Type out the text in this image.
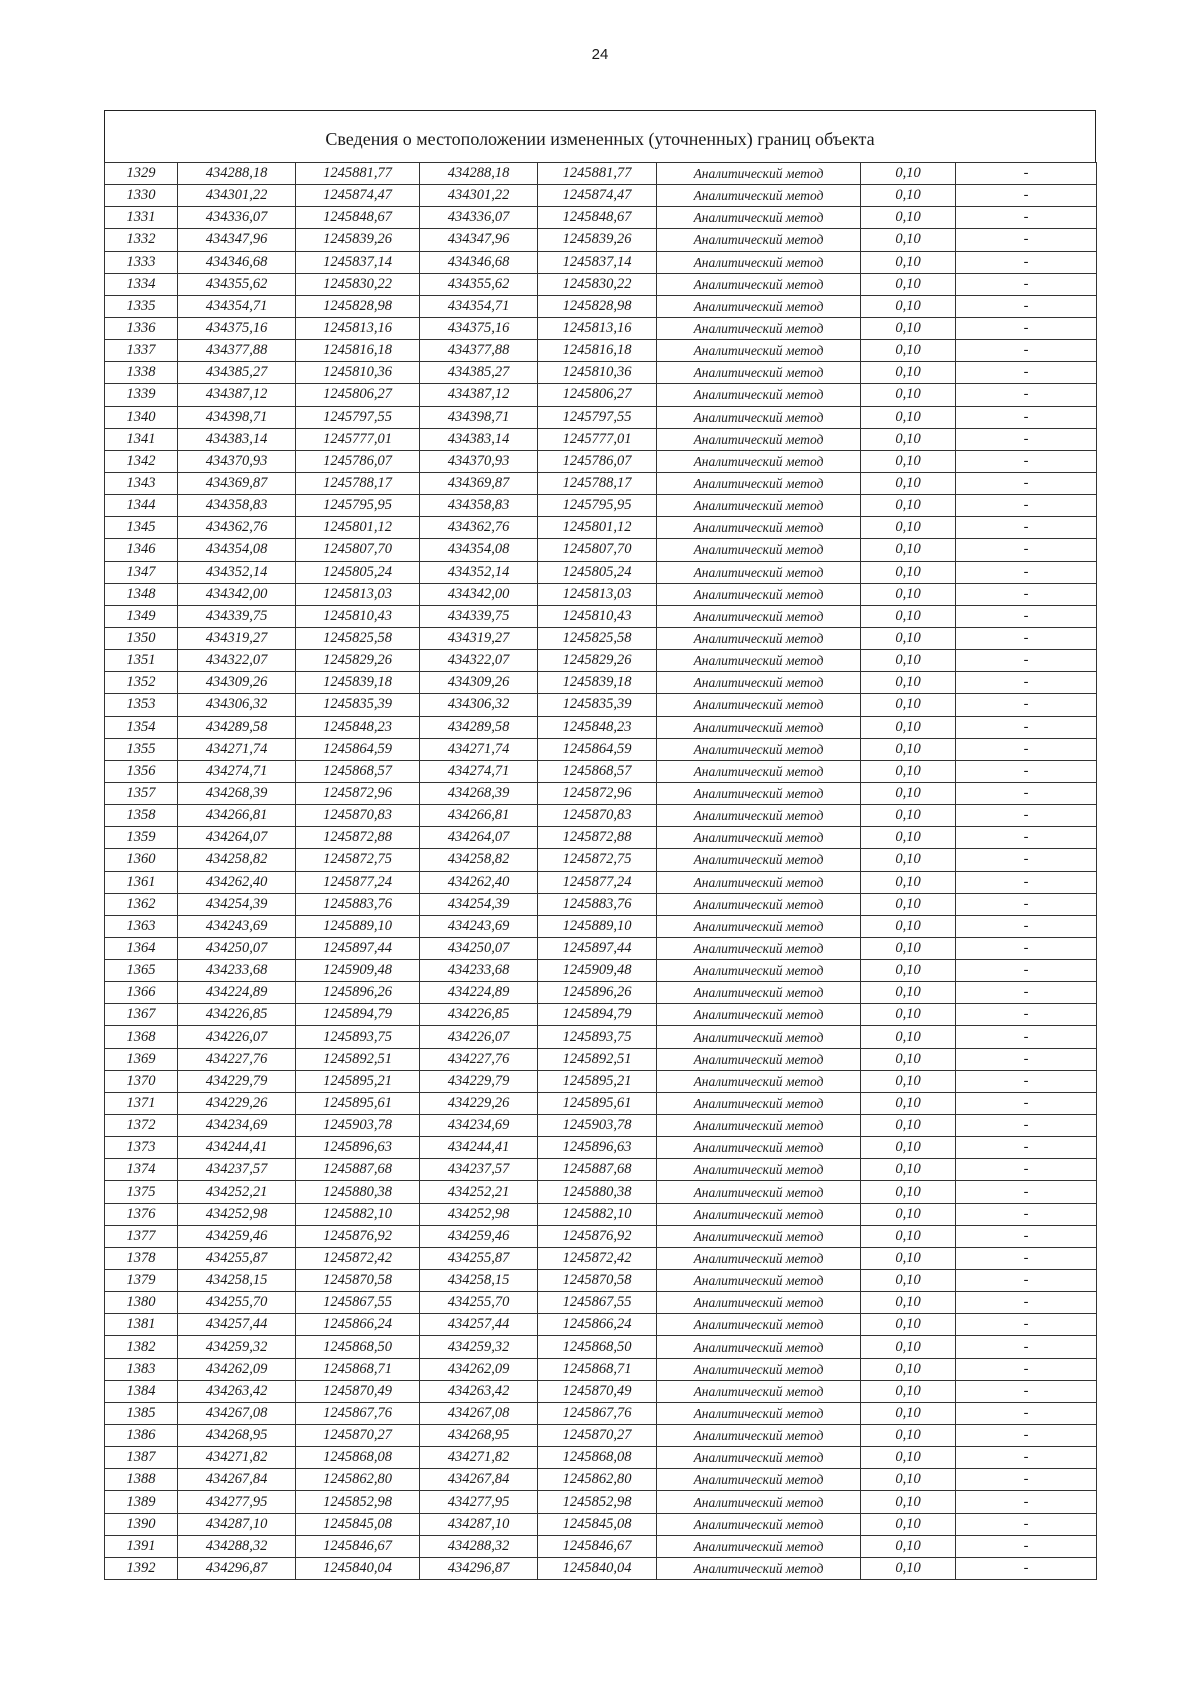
24
Сведения о местоположении измененных (уточненных) границ объекта
1329	434288,18	1245881,77	434288,18	1245881,77	Аналитический метод	0,10	-
1330	434301,22	1245874,47	434301,22	1245874,47	Аналитический метод	0,10	-
1331	434336,07	1245848,67	434336,07	1245848,67	Аналитический метод	0,10	-
1332	434347,96	1245839,26	434347,96	1245839,26	Аналитический метод	0,10	-
1333	434346,68	1245837,14	434346,68	1245837,14	Аналитический метод	0,10	-
1334	434355,62	1245830,22	434355,62	1245830,22	Аналитический метод	0,10	-
1335	434354,71	1245828,98	434354,71	1245828,98	Аналитический метод	0,10	-
1336	434375,16	1245813,16	434375,16	1245813,16	Аналитический метод	0,10	-
1337	434377,88	1245816,18	434377,88	1245816,18	Аналитический метод	0,10	-
1338	434385,27	1245810,36	434385,27	1245810,36	Аналитический метод	0,10	-
1339	434387,12	1245806,27	434387,12	1245806,27	Аналитический метод	0,10	-
1340	434398,71	1245797,55	434398,71	1245797,55	Аналитический метод	0,10	-
1341	434383,14	1245777,01	434383,14	1245777,01	Аналитический метод	0,10	-
1342	434370,93	1245786,07	434370,93	1245786,07	Аналитический метод	0,10	-
1343	434369,87	1245788,17	434369,87	1245788,17	Аналитический метод	0,10	-
1344	434358,83	1245795,95	434358,83	1245795,95	Аналитический метод	0,10	-
1345	434362,76	1245801,12	434362,76	1245801,12	Аналитический метод	0,10	-
1346	434354,08	1245807,70	434354,08	1245807,70	Аналитический метод	0,10	-
1347	434352,14	1245805,24	434352,14	1245805,24	Аналитический метод	0,10	-
1348	434342,00	1245813,03	434342,00	1245813,03	Аналитический метод	0,10	-
1349	434339,75	1245810,43	434339,75	1245810,43	Аналитический метод	0,10	-
1350	434319,27	1245825,58	434319,27	1245825,58	Аналитический метод	0,10	-
1351	434322,07	1245829,26	434322,07	1245829,26	Аналитический метод	0,10	-
1352	434309,26	1245839,18	434309,26	1245839,18	Аналитический метод	0,10	-
1353	434306,32	1245835,39	434306,32	1245835,39	Аналитический метод	0,10	-
1354	434289,58	1245848,23	434289,58	1245848,23	Аналитический метод	0,10	-
1355	434271,74	1245864,59	434271,74	1245864,59	Аналитический метод	0,10	-
1356	434274,71	1245868,57	434274,71	1245868,57	Аналитический метод	0,10	-
1357	434268,39	1245872,96	434268,39	1245872,96	Аналитический метод	0,10	-
1358	434266,81	1245870,83	434266,81	1245870,83	Аналитический метод	0,10	-
1359	434264,07	1245872,88	434264,07	1245872,88	Аналитический метод	0,10	-
1360	434258,82	1245872,75	434258,82	1245872,75	Аналитический метод	0,10	-
1361	434262,40	1245877,24	434262,40	1245877,24	Аналитический метод	0,10	-
1362	434254,39	1245883,76	434254,39	1245883,76	Аналитический метод	0,10	-
1363	434243,69	1245889,10	434243,69	1245889,10	Аналитический метод	0,10	-
1364	434250,07	1245897,44	434250,07	1245897,44	Аналитический метод	0,10	-
1365	434233,68	1245909,48	434233,68	1245909,48	Аналитический метод	0,10	-
1366	434224,89	1245896,26	434224,89	1245896,26	Аналитический метод	0,10	-
1367	434226,85	1245894,79	434226,85	1245894,79	Аналитический метод	0,10	-
1368	434226,07	1245893,75	434226,07	1245893,75	Аналитический метод	0,10	-
1369	434227,76	1245892,51	434227,76	1245892,51	Аналитический метод	0,10	-
1370	434229,79	1245895,21	434229,79	1245895,21	Аналитический метод	0,10	-
1371	434229,26	1245895,61	434229,26	1245895,61	Аналитический метод	0,10	-
1372	434234,69	1245903,78	434234,69	1245903,78	Аналитический метод	0,10	-
1373	434244,41	1245896,63	434244,41	1245896,63	Аналитический метод	0,10	-
1374	434237,57	1245887,68	434237,57	1245887,68	Аналитический метод	0,10	-
1375	434252,21	1245880,38	434252,21	1245880,38	Аналитический метод	0,10	-
1376	434252,98	1245882,10	434252,98	1245882,10	Аналитический метод	0,10	-
1377	434259,46	1245876,92	434259,46	1245876,92	Аналитический метод	0,10	-
1378	434255,87	1245872,42	434255,87	1245872,42	Аналитический метод	0,10	-
1379	434258,15	1245870,58	434258,15	1245870,58	Аналитический метод	0,10	-
1380	434255,70	1245867,55	434255,70	1245867,55	Аналитический метод	0,10	-
1381	434257,44	1245866,24	434257,44	1245866,24	Аналитический метод	0,10	-
1382	434259,32	1245868,50	434259,32	1245868,50	Аналитический метод	0,10	-
1383	434262,09	1245868,71	434262,09	1245868,71	Аналитический метод	0,10	-
1384	434263,42	1245870,49	434263,42	1245870,49	Аналитический метод	0,10	-
1385	434267,08	1245867,76	434267,08	1245867,76	Аналитический метод	0,10	-
1386	434268,95	1245870,27	434268,95	1245870,27	Аналитический метод	0,10	-
1387	434271,82	1245868,08	434271,82	1245868,08	Аналитический метод	0,10	-
1388	434267,84	1245862,80	434267,84	1245862,80	Аналитический метод	0,10	-
1389	434277,95	1245852,98	434277,95	1245852,98	Аналитический метод	0,10	-
1390	434287,10	1245845,08	434287,10	1245845,08	Аналитический метод	0,10	-
1391	434288,32	1245846,67	434288,32	1245846,67	Аналитический метод	0,10	-
1392	434296,87	1245840,04	434296,87	1245840,04	Аналитический метод	0,10	-
